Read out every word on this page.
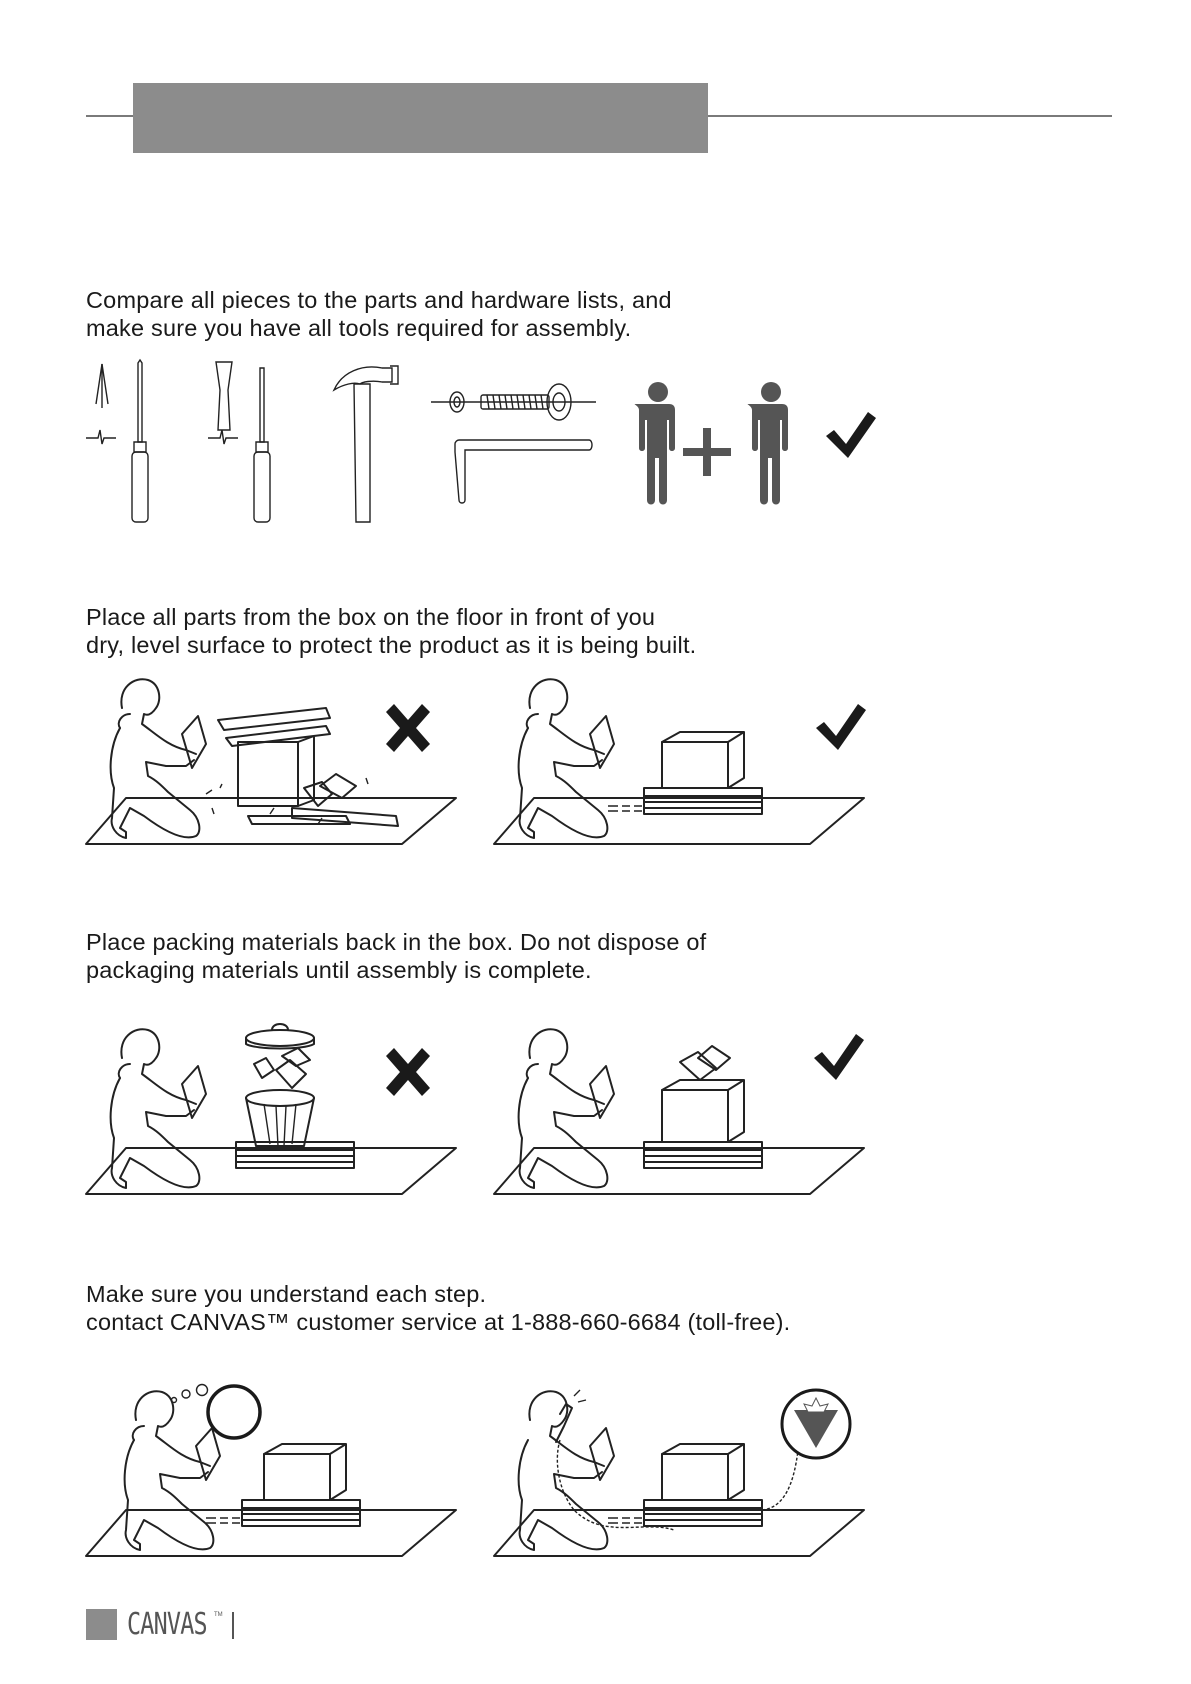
Compare all pieces to the parts and hardware lists, and
make sure you have all tools required for assembly.

Place all parts from the box on the floor in front of you
dry, level surface to protect the product as it is being built.

Place packing materials back in the box. Do not dispose of
packaging materials until assembly is complete.

Make sure you understand each step.
contact CANVAS™ customer service at 1-888-660-6684 (toll-free).

CANVAS TM
